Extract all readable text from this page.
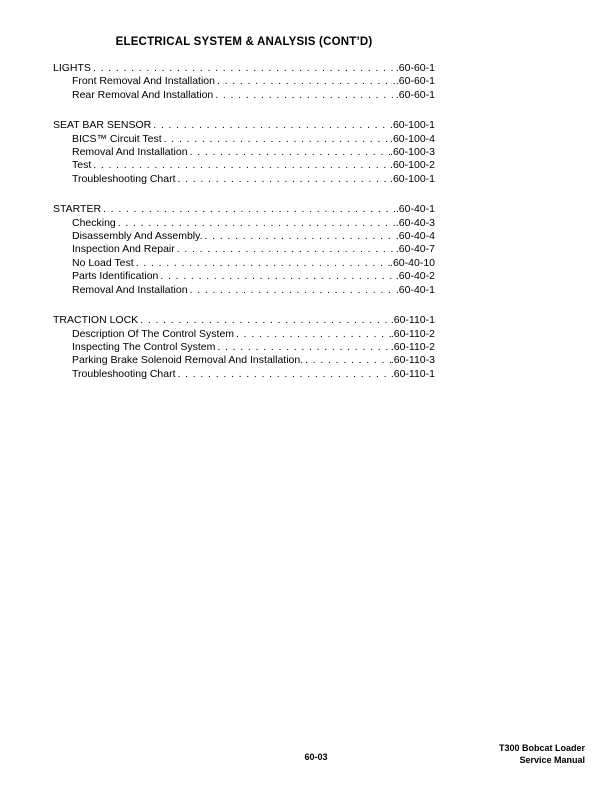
ELECTRICAL SYSTEM & ANALYSIS (CONT’D)
LIGHTS . . .	. 60-60-1
Front Removal And Installation . . .	. 60-60-1
Rear Removal And Installation . . .	. 60-60-1
SEAT BAR SENSOR . . .	. 60-100-1
BICS™ Circuit Test . . .	. 60-100-4
Removal And Installation . . .	. 60-100-3
Test . . .	. 60-100-2
Troubleshooting Chart . . .	. 60-100-1
STARTER . . .	. 60-40-1
Checking . . .	. 60-40-3
Disassembly And Assembly. . . .	. 60-40-4
Inspection And Repair . . .	. 60-40-7
No Load Test . . .	. 60-40-10
Parts Identification . . .	. 60-40-2
Removal And Installation . . .	. 60-40-1
TRACTION LOCK . . .	. 60-110-1
Description Of The Control System . . .	. 60-110-2
Inspecting The Control System . . .	. 60-110-2
Parking Brake Solenoid Removal And Installation. . . .	. 60-110-3
Troubleshooting Chart . . .	. 60-110-1
60-03
T300 Bobcat Loader
Service Manual
